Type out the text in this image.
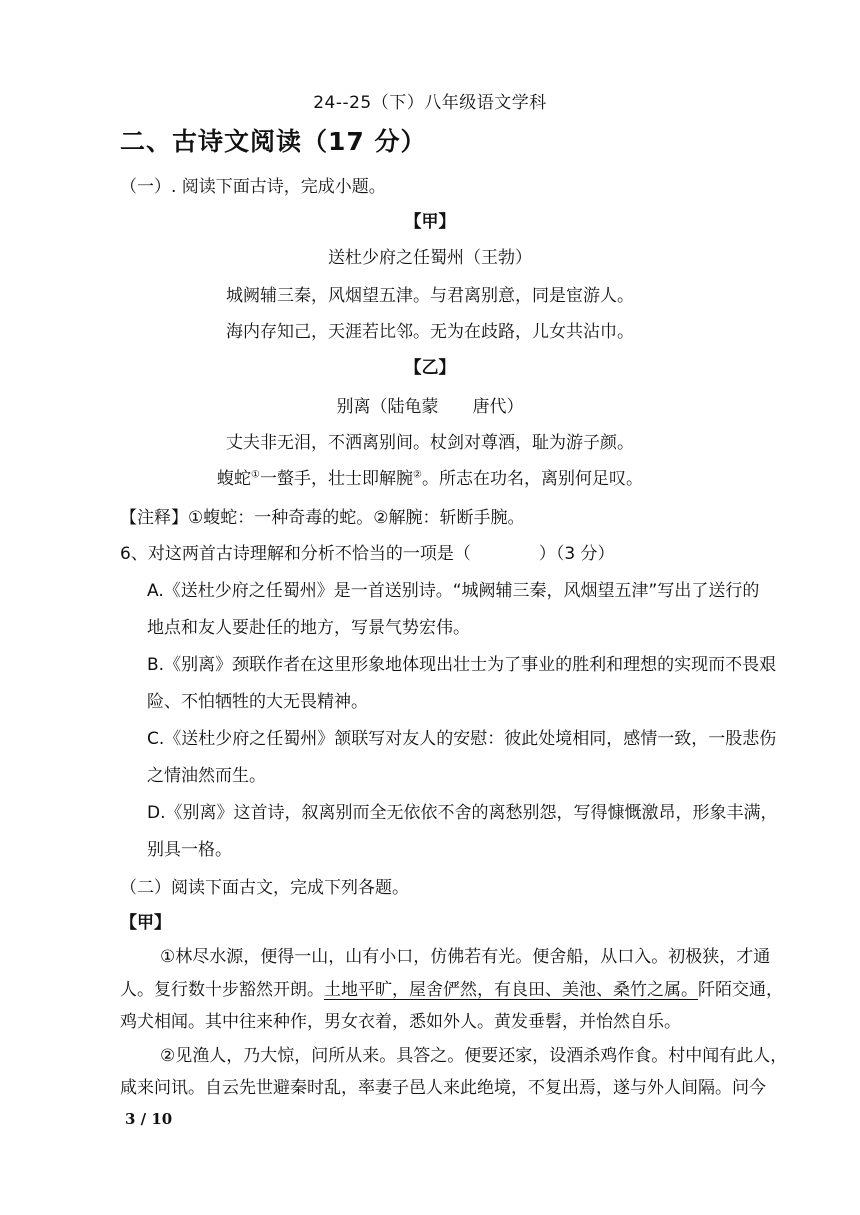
24--25（下）八年级语文学科
二、古诗文阅读（17 分）
（一）. 阅读下面古诗，完成小题。
【甲】
送杜少府之任蜀州（王勃）
城阙辅三秦，风烟望五津。与君离别意，同是宦游人。
海内存知己，天涯若比邻。无为在歧路，儿女共沾巾。
【乙】
别离（陆龟蒙　　唐代）
丈夫非无泪，不洒离别间。杖剑对尊酒，耻为游子颜。
蝮蛇①一螫手，壮士即解腕②。所志在功名，离别何足叹。
【注释】①蝮蛇：一种奇毒的蛇。②解腕：斩断手腕。
6、对这两首古诗理解和分析不恰当的一项是（　　　　）（3 分）
A.《送杜少府之任蜀州》是一首送别诗。“城阙辅三秦，风烟望五津”写出了送行的
地点和友人要赴任的地方，写景气势宏伟。
B.《别离》颈联作者在这里形象地体现出壮士为了事业的胜利和理想的实现而不畏艰
险、不怕牺牲的大无畏精神。
C.《送杜少府之任蜀州》颔联写对友人的安慰：彼此处境相同，感情一致，一股悲伤
之情油然而生。
D.《别离》这首诗，叙离别而全无依依不舍的离愁别怨，写得慷慨激昂，形象丰满，
别具一格。
（二）阅读下面古文，完成下列各题。
【甲】
①林尽水源，便得一山，山有小口，仿佛若有光。便舍船，从口入。初极狭，才通
人。复行数十步豁然开朗。土地平旷，屋舍俨然，有良田、美池、桑竹之属。阡陌交通，
鸡犬相闻。其中往来种作，男女衣着，悉如外人。黄发垂髫，并怡然自乐。
②见渔人，乃大惊，问所从来。具答之。便要还家，设酒杀鸡作食。村中闻有此人，
咸来问讯。自云先世避秦时乱，率妻子邑人来此绝境，不复出焉，遂与外人间隔。问今
3 / 10
